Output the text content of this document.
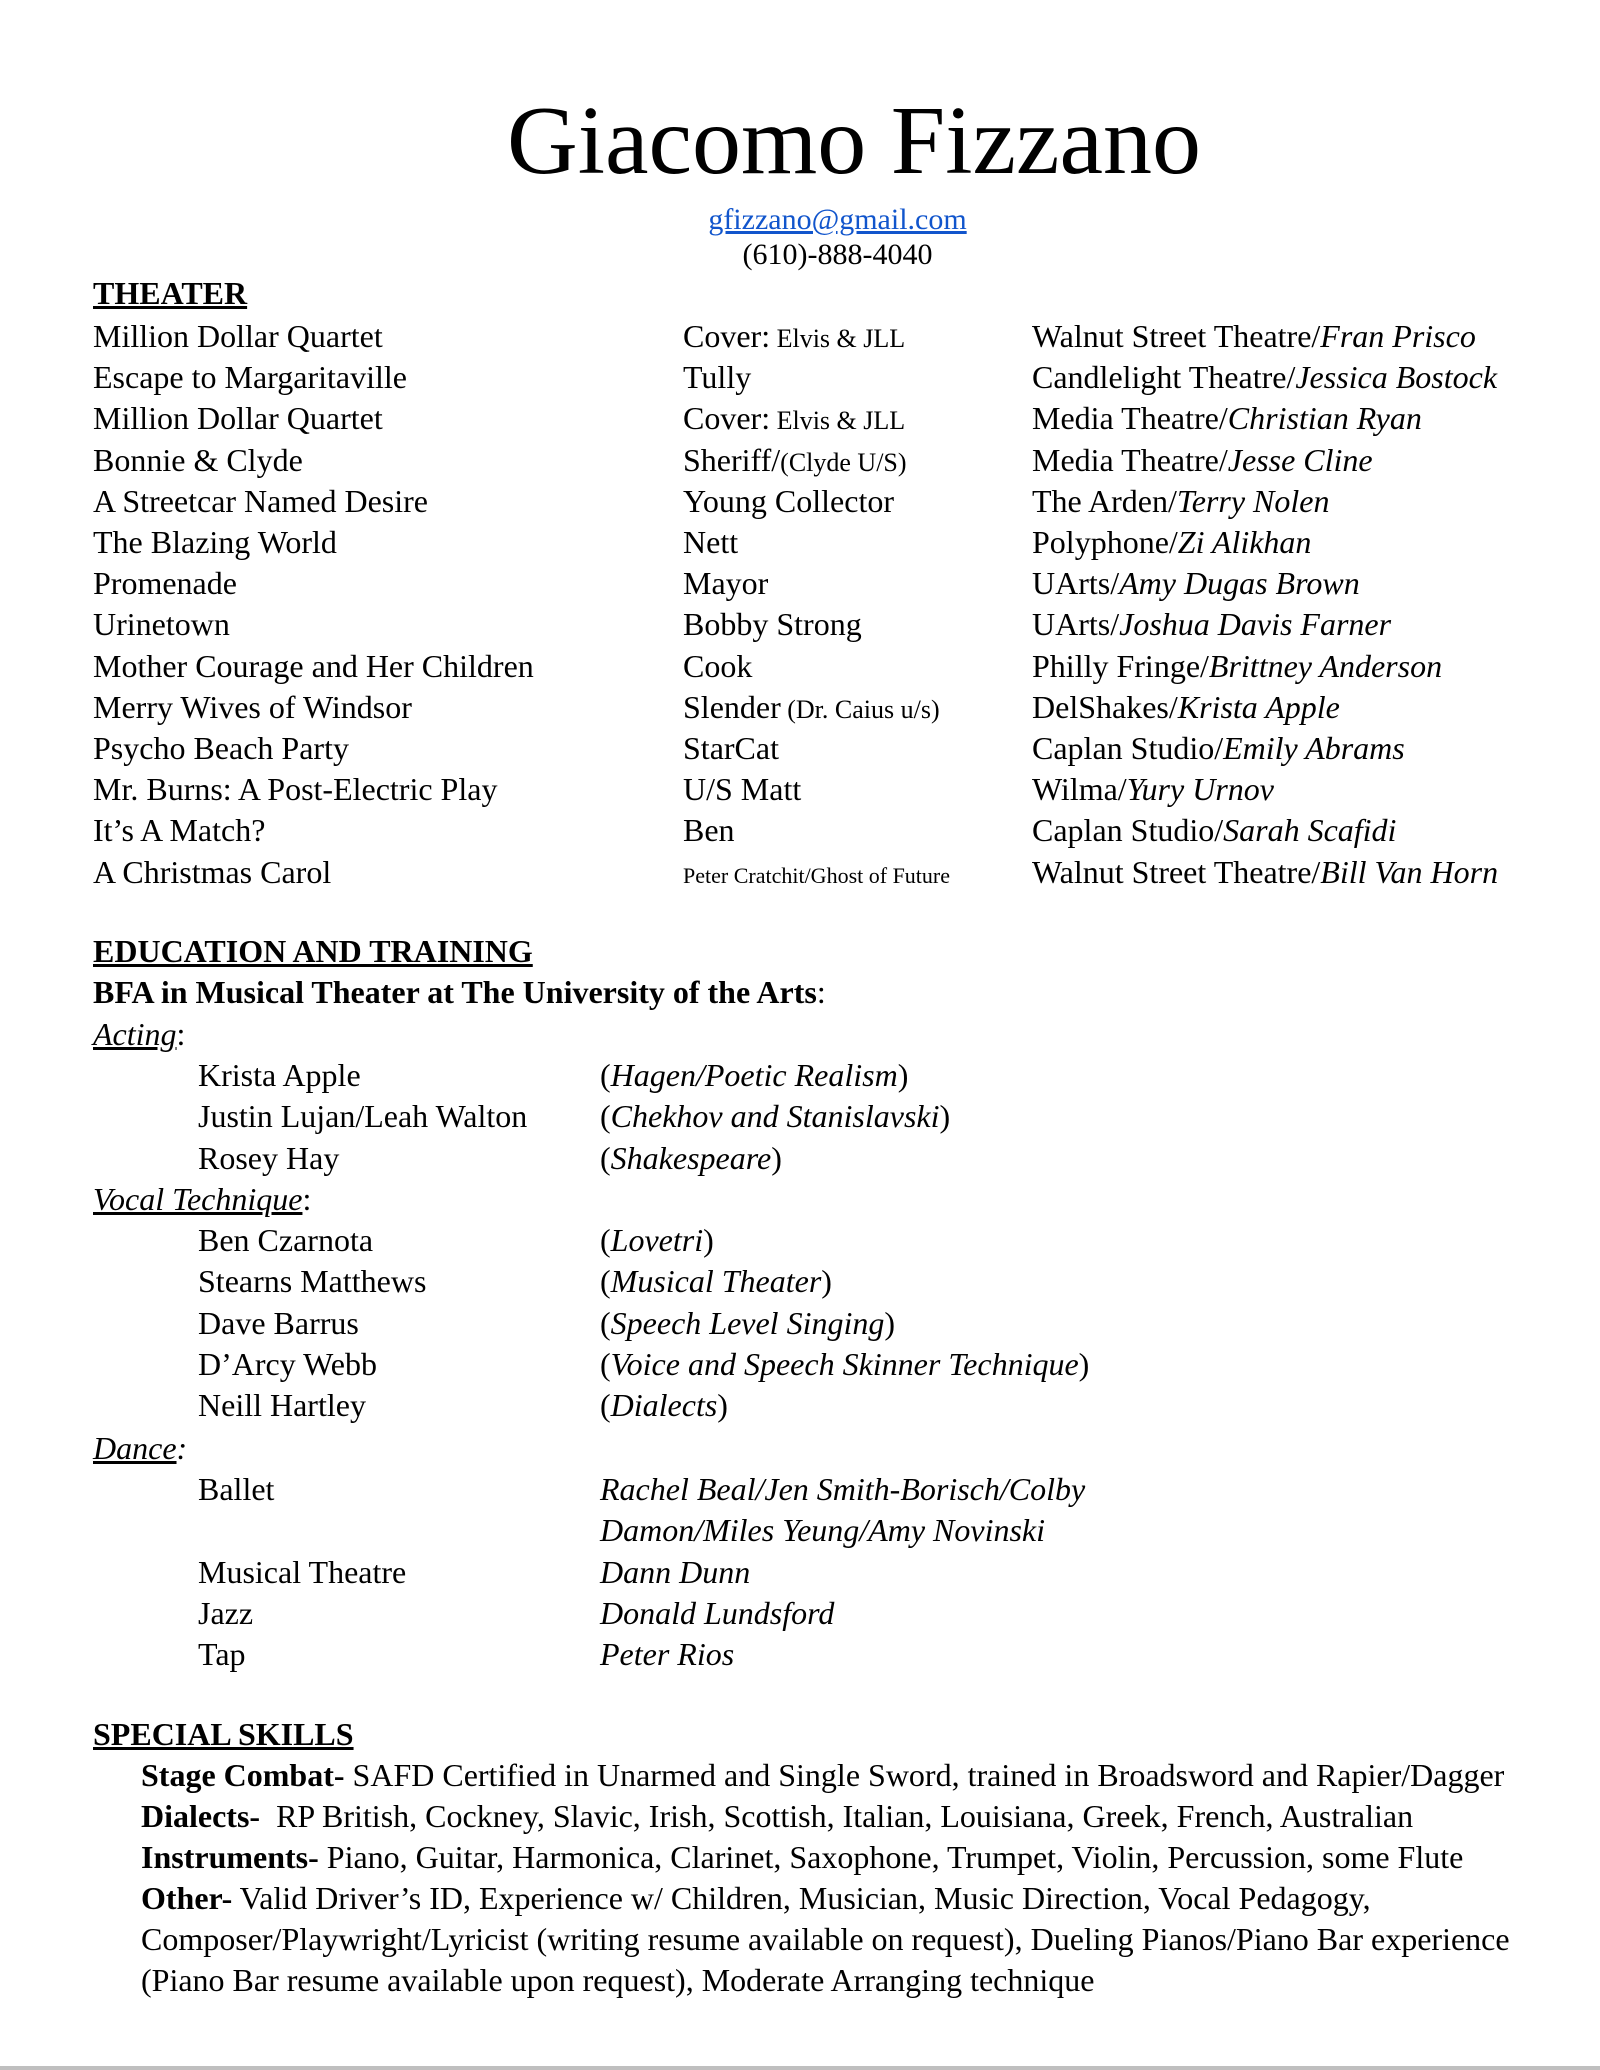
Giacomo Fizzano
gfizzano@gmail.com
(610)-888-4040
THEATER
Million Dollar Quartet	Cover: Elvis & JLL	Walnut Street Theatre/Fran Prisco
Escape to Margaritaville	Tully	Candlelight Theatre/Jessica Bostock
Million Dollar Quartet	Cover: Elvis & JLL	Media Theatre/Christian Ryan
Bonnie & Clyde	Sheriff/(Clyde U/S)	Media Theatre/Jesse Cline
A Streetcar Named Desire	Young Collector	The Arden/Terry Nolen
The Blazing World	Nett	Polyphone/Zi Alikhan
Promenade	Mayor	UArts/Amy Dugas Brown
Urinetown	Bobby Strong	UArts/Joshua Davis Farner
Mother Courage and Her Children	Cook	Philly Fringe/Brittney Anderson
Merry Wives of Windsor	Slender (Dr. Caius u/s)	DelShakes/Krista Apple
Psycho Beach Party	StarCat	Caplan Studio/Emily Abrams
Mr. Burns: A Post-Electric Play	U/S Matt	Wilma/Yury Urnov
It’s A Match?	Ben	Caplan Studio/Sarah Scafidi
A Christmas Carol	Peter Cratchit/Ghost of Future	Walnut Street Theatre/Bill Van Horn
EDUCATION AND TRAINING
BFA in Musical Theater at The University of the Arts:
Acting:
Krista Apple	(Hagen/Poetic Realism)
Justin Lujan/Leah Walton (Chekhov and Stanislavski)
Rosey Hay	(Shakespeare)
Vocal Technique:
Ben Czarnota	(Lovetri)
Stearns Matthews	(Musical Theater)
Dave Barrus	(Speech Level Singing)
D’Arcy Webb	(Voice and Speech Skinner Technique)
Neill Hartley	(Dialects)
Dance:
Ballet	Rachel Beal/Jen Smith-Borisch/Colby
Damon/Miles Yeung/Amy Novinski
Musical Theatre	Dann Dunn
Jazz	Donald Lundsford
Tap	Peter Rios
SPECIAL SKILLS
Stage Combat- SAFD Certified in Unarmed and Single Sword, trained in Broadsword and Rapier/Dagger
Dialects-  RP British, Cockney, Slavic, Irish, Scottish, Italian, Louisiana, Greek, French, Australian
Instruments- Piano, Guitar, Harmonica, Clarinet, Saxophone, Trumpet, Violin, Percussion, some Flute
Other- Valid Driver’s ID, Experience w/ Children, Musician, Music Direction, Vocal Pedagogy,
Composer/Playwright/Lyricist (writing resume available on request), Dueling Pianos/Piano Bar experience
(Piano Bar resume available upon request), Moderate Arranging technique
